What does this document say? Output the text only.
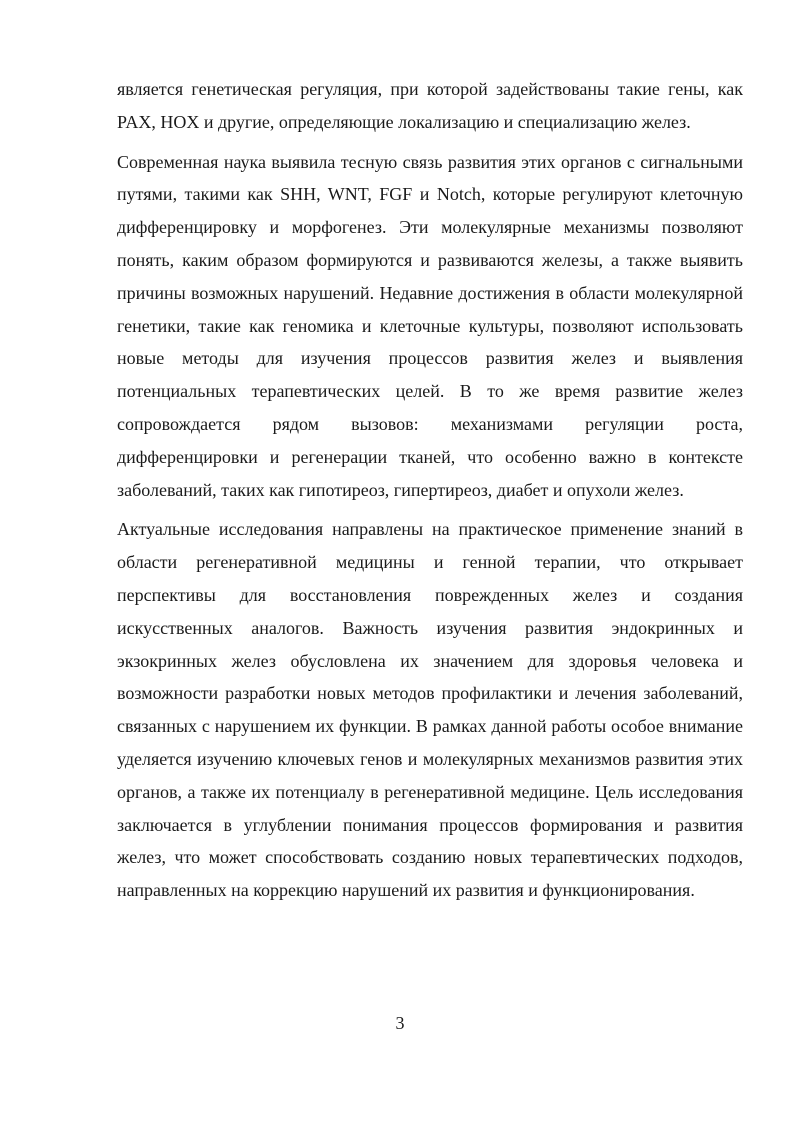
является генетическая регуляция, при которой задействованы такие гены, как PAX, HOX и другие, определяющие локализацию и специализацию желез.

Современная наука выявила тесную связь развития этих органов с сигнальными путями, такими как SHH, WNT, FGF и Notch, которые регулируют клеточную дифференцировку и морфогенез. Эти молекулярные механизмы позволяют понять, каким образом формируются и развиваются железы, а также выявить причины возможных нарушений. Недавние достижения в области молекулярной генетики, такие как геномика и клеточные культуры, позволяют использовать новые методы для изучения процессов развития желез и выявления потенциальных терапевтических целей. В то же время развитие желез сопровождается рядом вызовов: механизмами регуляции роста, дифференцировки и регенерации тканей, что особенно важно в контексте заболеваний, таких как гипотиреоз, гипертиреоз, диабет и опухоли желез.

Актуальные исследования направлены на практическое применение знаний в области регенеративной медицины и генной терапии, что открывает перспективы для восстановления поврежденных желез и создания искусственных аналогов. Важность изучения развития эндокринных и экзокринных желез обусловлена их значением для здоровья человека и возможности разработки новых методов профилактики и лечения заболеваний, связанных с нарушением их функции. В рамках данной работы особое внимание уделяется изучению ключевых генов и молекулярных механизмов развития этих органов, а также их потенциалу в регенеративной медицине. Цель исследования заключается в углублении понимания процессов формирования и развития желез, что может способствовать созданию новых терапевтических подходов, направленных на коррекцию нарушений их развития и функционирования.

3
